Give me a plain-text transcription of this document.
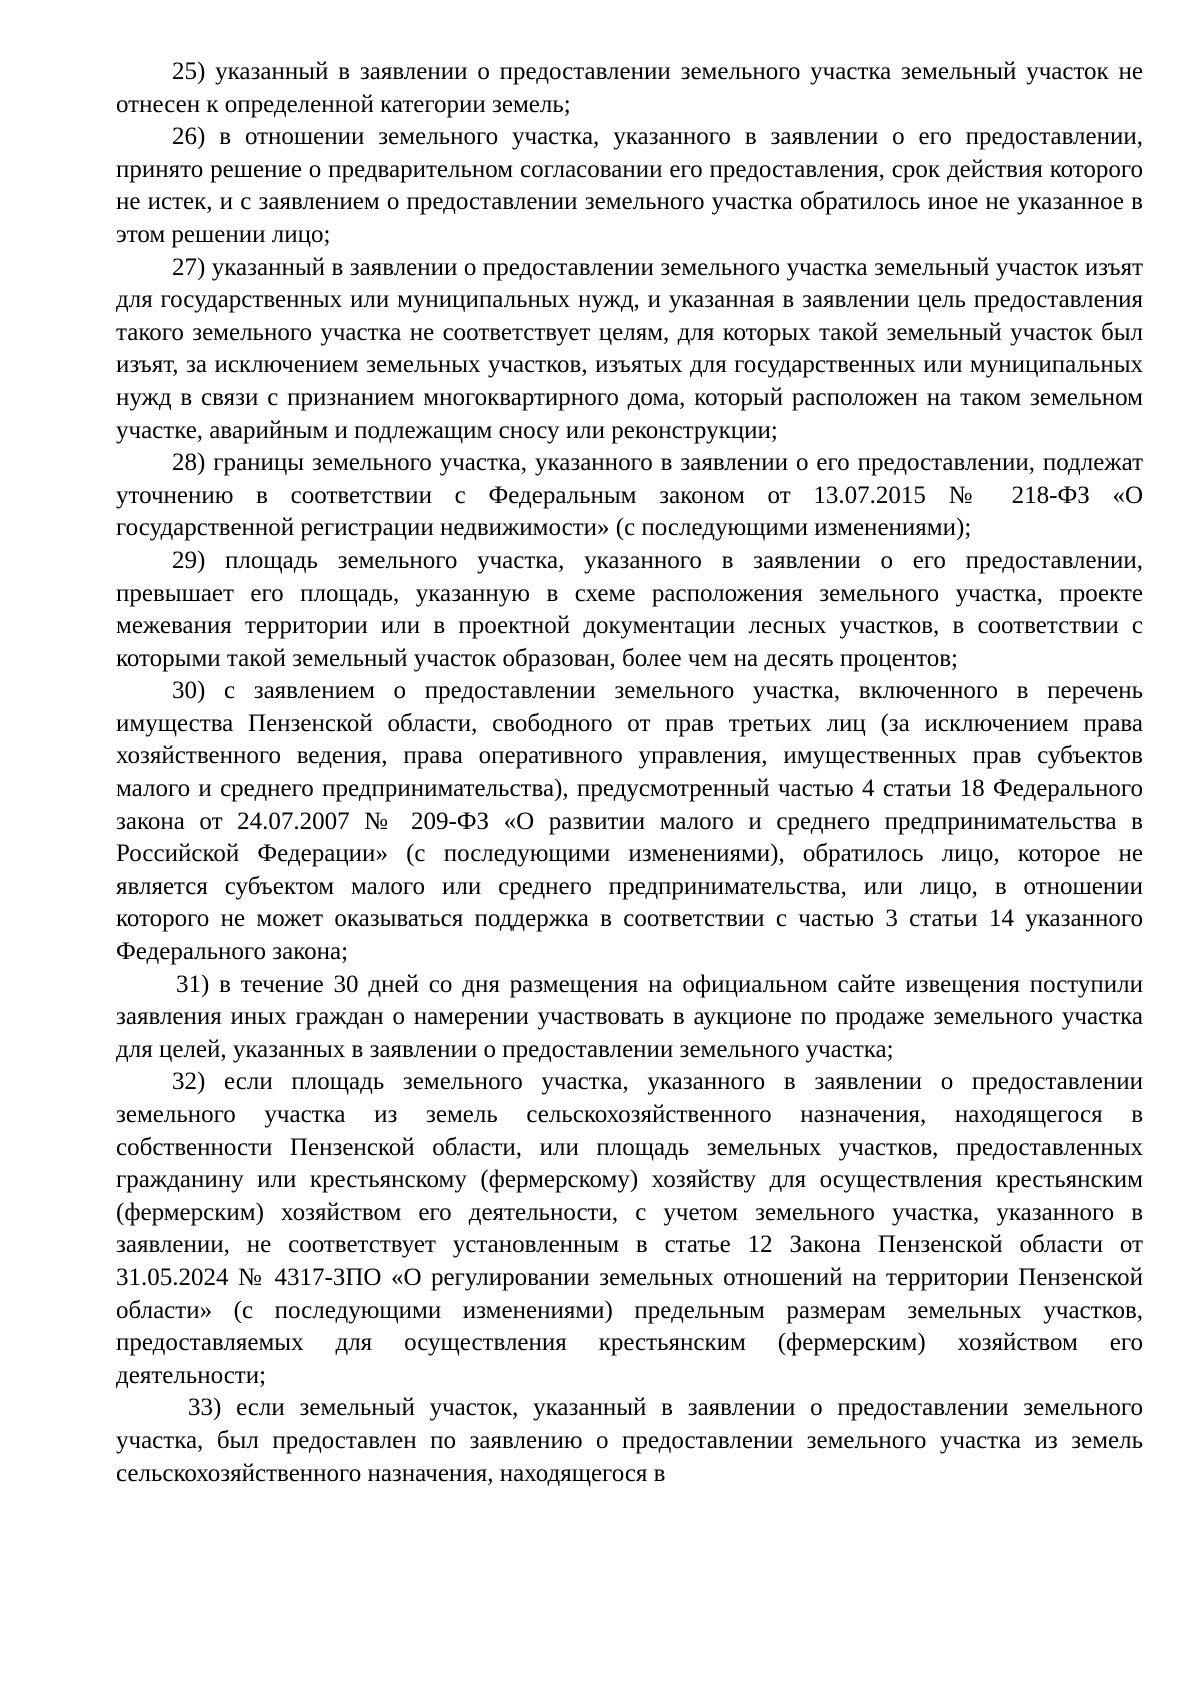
25) указанный в заявлении о предоставлении земельного участка земельный участок не отнесен к определенной категории земель;

26) в отношении земельного участка, указанного в заявлении о его предоставлении, принято решение о предварительном согласовании его предоставления, срок действия которого не истек, и с заявлением о предоставлении земельного участка обратилось иное не указанное в этом решении лицо;

27) указанный в заявлении о предоставлении земельного участка земельный участок изъят для государственных или муниципальных нужд, и указанная в заявлении цель предоставления такого земельного участка не соответствует целям, для которых такой земельный участок был изъят, за исключением земельных участков, изъятых для государственных или муниципальных нужд в связи с признанием многоквартирного дома, который расположен на таком земельном участке, аварийным и подлежащим сносу или реконструкции;

28) границы земельного участка, указанного в заявлении о его предоставлении, подлежат уточнению в соответствии с Федеральным законом от 13.07.2015 № 218-ФЗ «О государственной регистрации недвижимости» (с последующими изменениями);

29) площадь земельного участка, указанного в заявлении о его предоставлении, превышает его площадь, указанную в схеме расположения земельного участка, проекте межевания территории или в проектной документации лесных участков, в соответствии с которыми такой земельный участок образован, более чем на десять процентов;

30) с заявлением о предоставлении земельного участка, включенного в перечень имущества Пензенской области, свободного от прав третьих лиц (за исключением права хозяйственного ведения, права оперативного управления, имущественных прав субъектов малого и среднего предпринимательства), предусмотренный частью 4 статьи 18 Федерального закона от 24.07.2007 № 209-ФЗ «О развитии малого и среднего предпринимательства в Российской Федерации» (с последующими изменениями), обратилось лицо, которое не является субъектом малого или среднего предпринимательства, или лицо, в отношении которого не может оказываться поддержка в соответствии с частью 3 статьи 14 указанного Федерального закона;

31) в течение 30 дней со дня размещения на официальном сайте извещения поступили заявления иных граждан о намерении участвовать в аукционе по продаже земельного участка для целей, указанных в заявлении о предоставлении земельного участка;

32) если площадь земельного участка, указанного в заявлении о предоставлении земельного участка из земель сельскохозяйственного назначения, находящегося в собственности Пензенской области, или площадь земельных участков, предоставленных гражданину или крестьянскому (фермерскому) хозяйству для осуществления крестьянским (фермерским) хозяйством его деятельности, с учетом земельного участка, указанного в заявлении, не соответствует установленным в статье 12 Закона Пензенской области от 31.05.2024 № 4317-ЗПО «О регулировании земельных отношений на территории Пензенской области» (с последующими изменениями) предельным размерам земельных участков, предоставляемых для осуществления крестьянским (фермерским) хозяйством его деятельности;

33) если земельный участок, указанный в заявлении о предоставлении земельного участка, был предоставлен по заявлению о предоставлении земельного участка из земель сельскохозяйственного назначения, находящегося в
